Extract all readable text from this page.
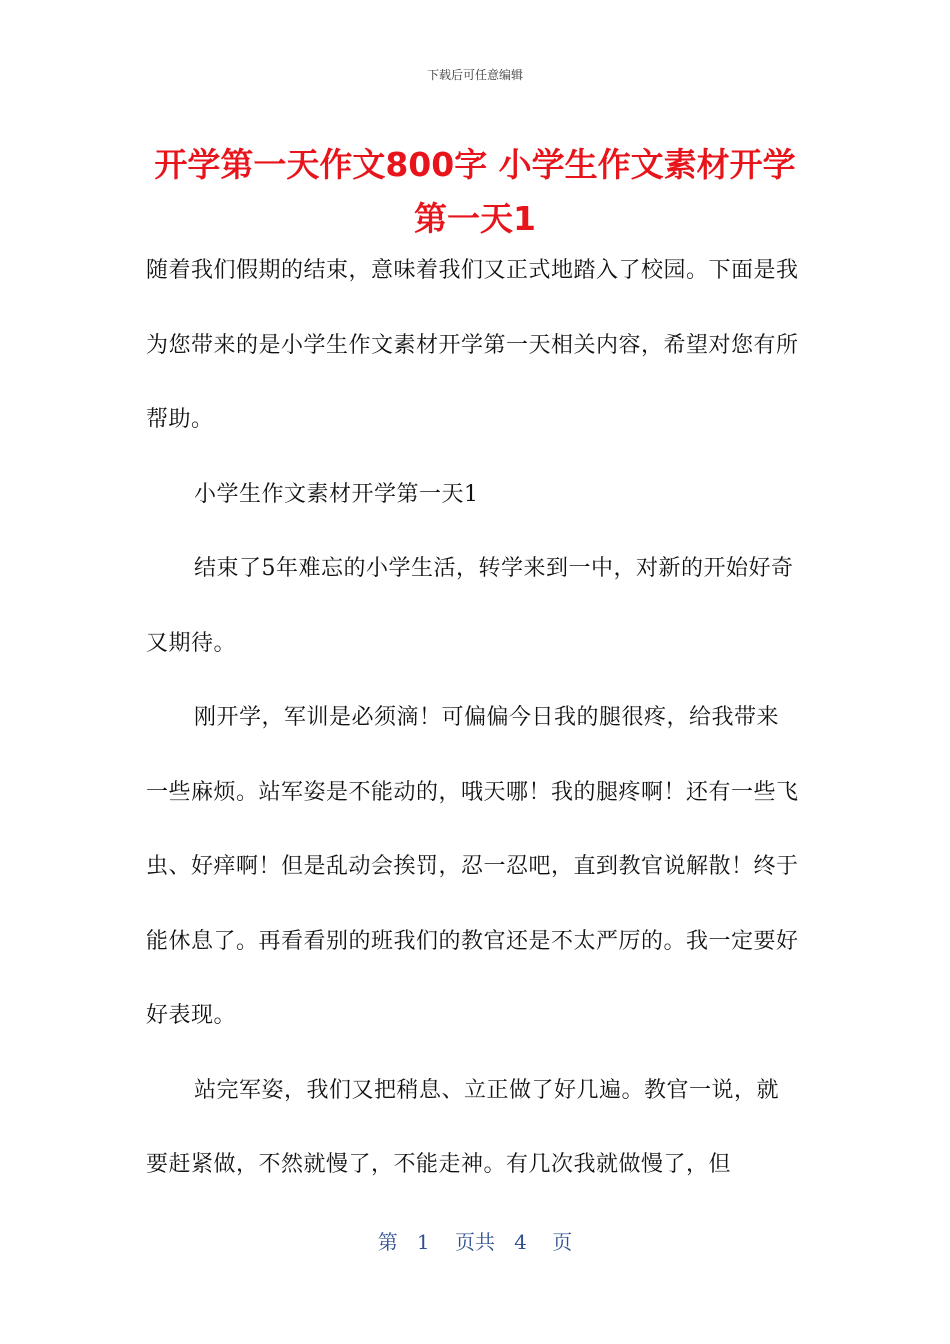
下载后可任意编辑
开学第一天作文800字 小学生作文素材开学第一天1

随着我们假期的结束，意味着我们又正式地踏入了校园。下面是我为您带来的是小学生作文素材开学第一天相关内容，希望对您有所帮助。

小学生作文素材开学第一天1

结束了5年难忘的小学生活，转学来到一中，对新的开始好奇又期待。

刚开学，军训是必须滴！可偏偏今日我的腿很疼，给我带来一些麻烦。站军姿是不能动的，哦天哪！我的腿疼啊！还有一些飞虫、好痒啊！但是乱动会挨罚，忍一忍吧，直到教官说解散！终于能休息了。再看看别的班我们的教官还是不太严厉的。我一定要好好表现。

站完军姿，我们又把稍息、立正做了好几遍。教官一说，就要赶紧做，不然就慢了，不能走神。有几次我就做慢了，但

第 1 页共 4 页
